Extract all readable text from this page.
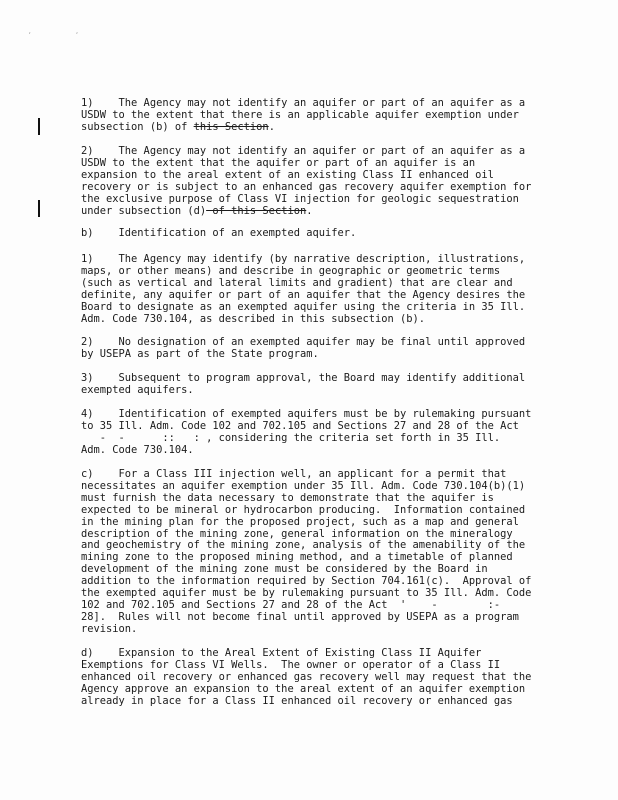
, ,
1)    The Agency may not identify an aquifer or part of an aquifer as a
USDW to the extent that there is an applicable aquifer exemption under
subsection (b) of this Section.
2)    The Agency may not identify an aquifer or part of an aquifer as a
USDW to the extent that the aquifer or part of an aquifer is an
expansion to the areal extent of an existing Class II enhanced oil
recovery or is subject to an enhanced gas recovery aquifer exemption for
the exclusive purpose of Class VI injection for geologic sequestration
under subsection (d) of this Section.
b)    Identification of an exempted aquifer.
1)    The Agency may identify (by narrative description, illustrations,
maps, or other means) and describe in geographic or geometric terms
(such as vertical and lateral limits and gradient) that are clear and
definite, any aquifer or part of an aquifer that the Agency desires the
Board to designate as an exempted aquifer using the criteria in 35 Ill.
Adm. Code 730.104, as described in this subsection (b).
2)    No designation of an exempted aquifer may be final until approved
by USEPA as part of the State program.
3)    Subsequent to program approval, the Board may identify additional
exempted aquifers.
4)    Identification of exempted aquifers must be by rulemaking pursuant
to 35 Ill. Adm. Code 102 and 702.105 and Sections 27 and 28 of the Act
-  -      ::   : , considering the criteria set forth in 35 Ill.
Adm. Code 730.104.
c)    For a Class III injection well, an applicant for a permit that
necessitates an aquifer exemption under 35 Ill. Adm. Code 730.104(b)(1)
must furnish the data necessary to demonstrate that the aquifer is
expected to be mineral or hydrocarbon producing.  Information contained
in the mining plan for the proposed project, such as a map and general
description of the mining zone, general information on the mineralogy
and geochemistry of the mining zone, analysis of the amenability of the
mining zone to the proposed mining method, and a timetable of planned
development of the mining zone must be considered by the Board in
addition to the information required by Section 704.161(c).  Approval of
the exempted aquifer must be by rulemaking pursuant to 35 Ill. Adm. Code
102 and 702.105 and Sections 27 and 28 of the Act  '    -        :-
28].  Rules will not become final until approved by USEPA as a program
revision.
d)    Expansion to the Areal Extent of Existing Class II Aquifer
Exemptions for Class VI Wells.  The owner or operator of a Class II
enhanced oil recovery or enhanced gas recovery well may request that the
Agency approve an expansion to the areal extent of an aquifer exemption
already in place for a Class II enhanced oil recovery or enhanced gas
